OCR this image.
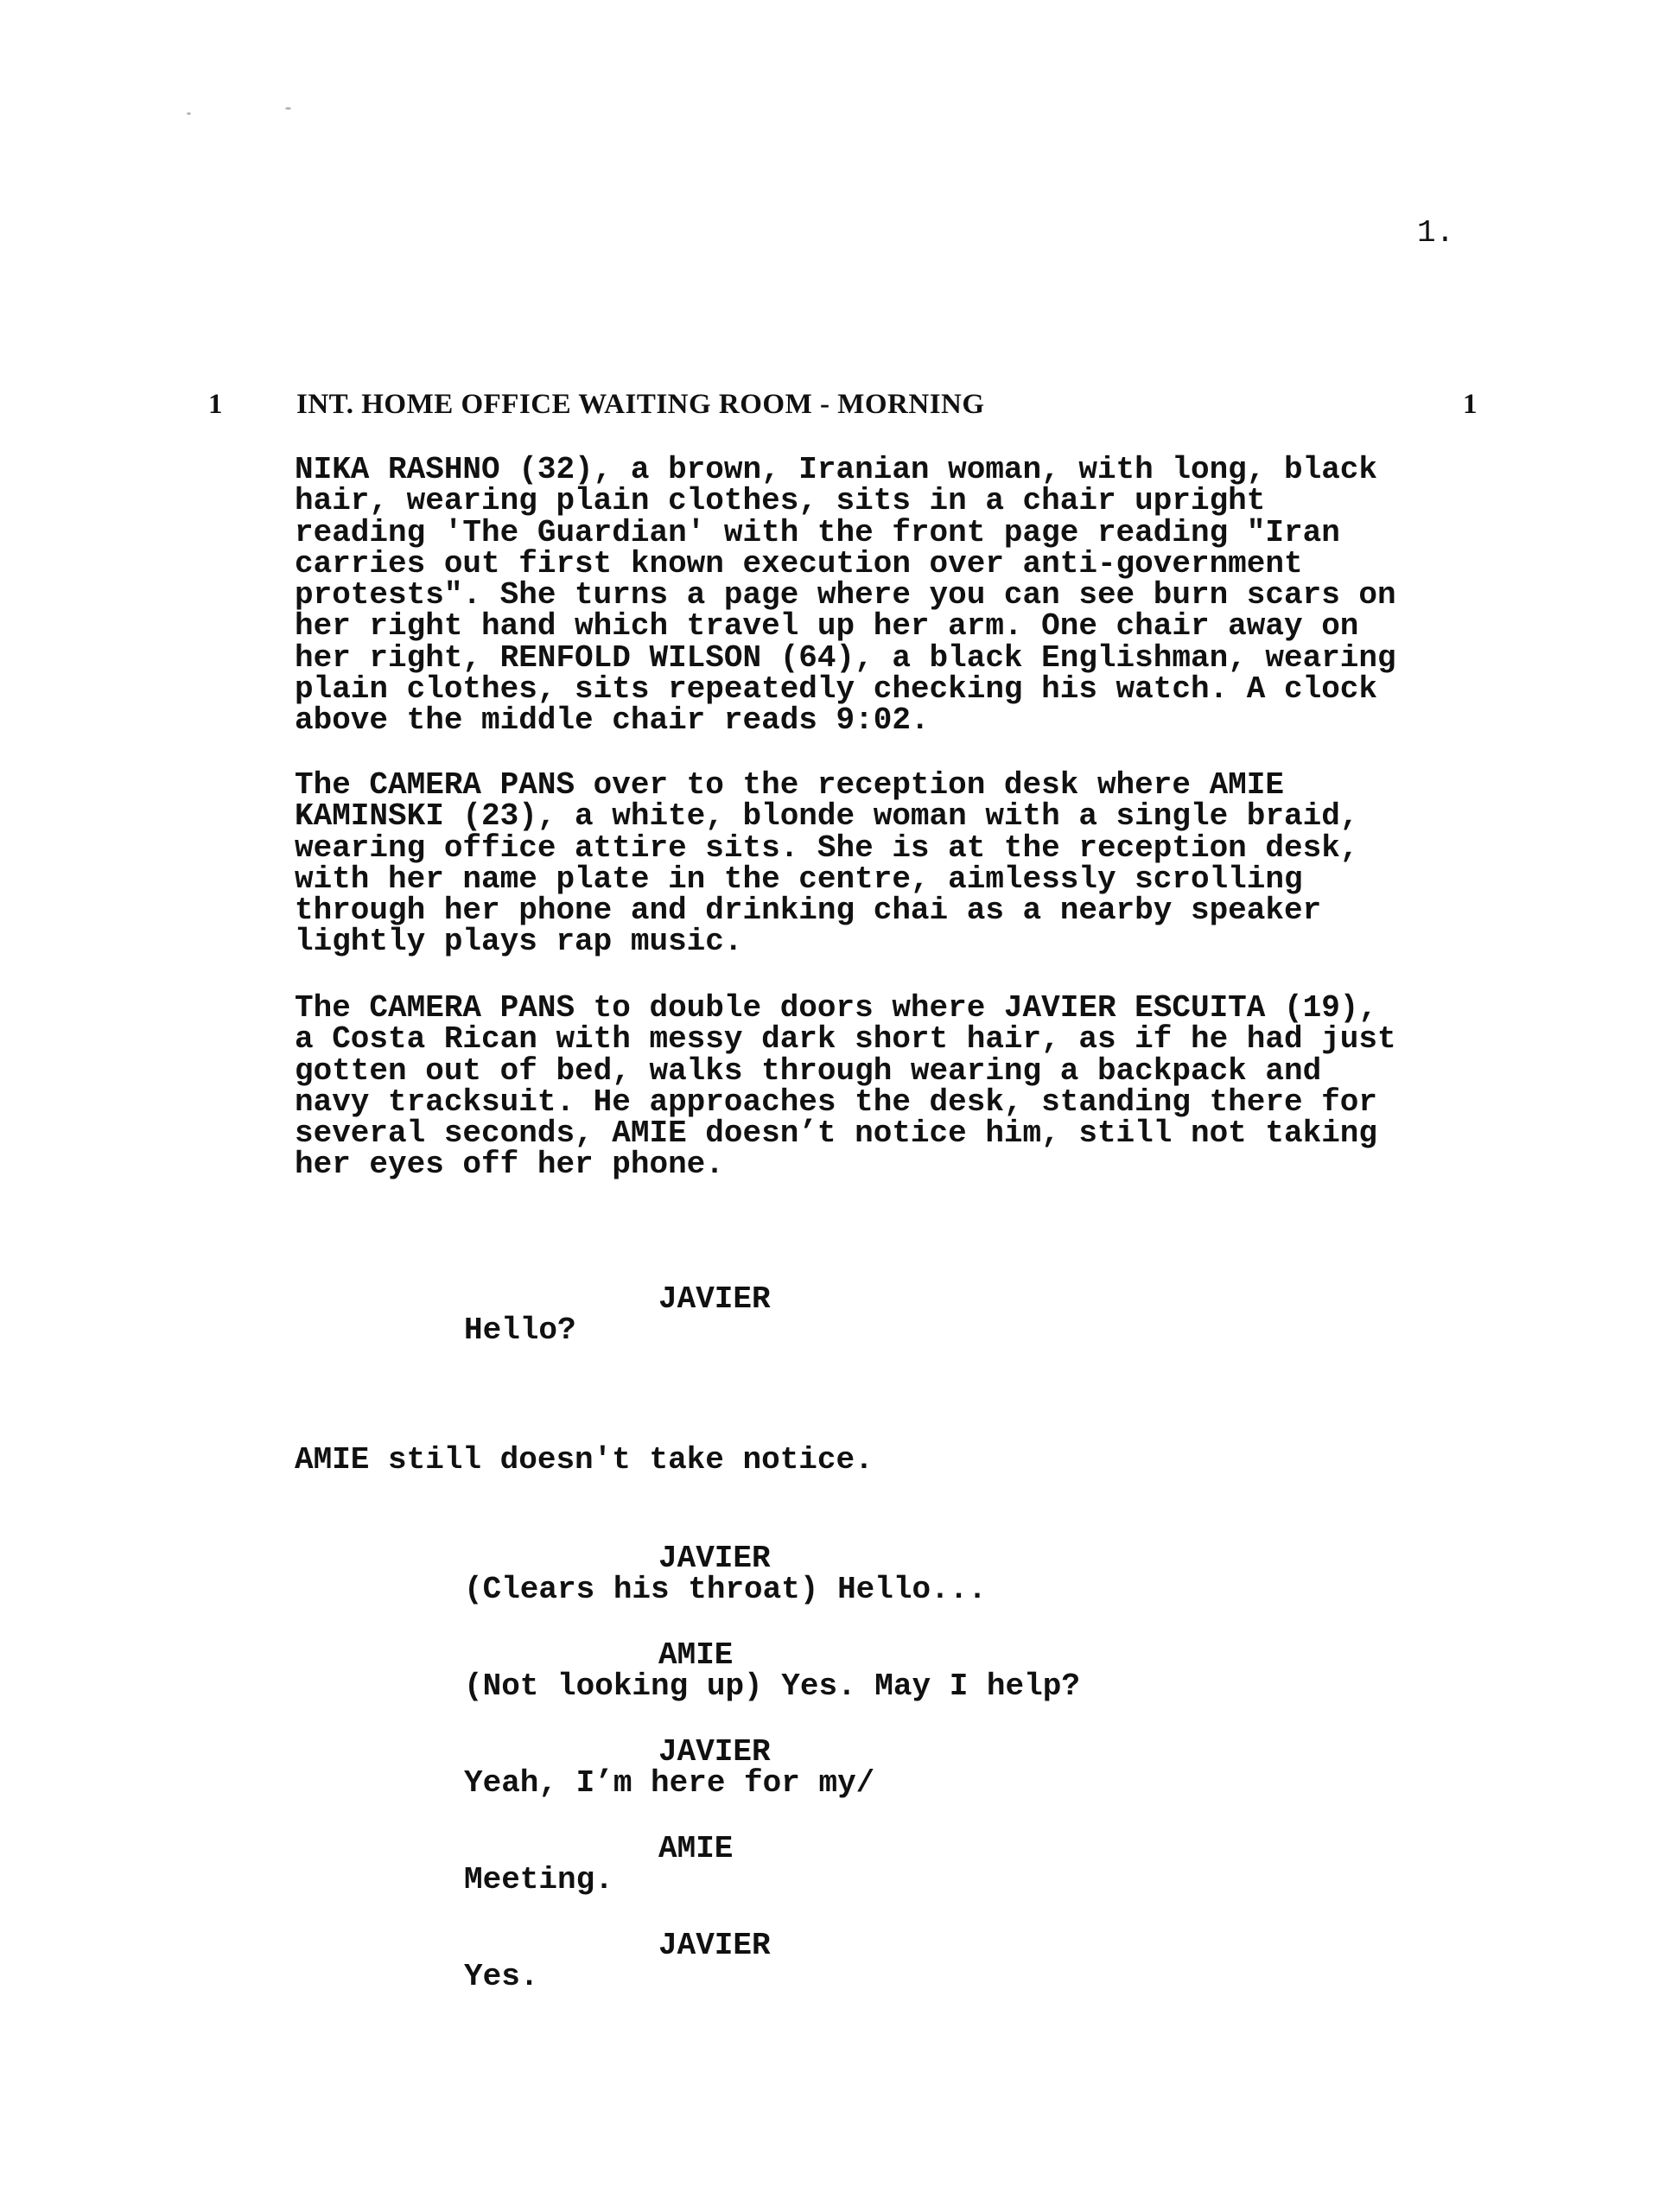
1.
1	INT. HOME OFFICE WAITING ROOM - MORNING	1

NIKA RASHNO (32), a brown, Iranian woman, with long, black
hair, wearing plain clothes, sits in a chair upright
reading 'The Guardian' with the front page reading "Iran
carries out first known execution over anti-government
protests". She turns a page where you can see burn scars on
her right hand which travel up her arm. One chair away on
her right, RENFOLD WILSON (64), a black Englishman, wearing
plain clothes, sits repeatedly checking his watch. A clock
above the middle chair reads 9:02.

The CAMERA PANS over to the reception desk where AMIE
KAMINSKI (23), a white, blonde woman with a single braid,
wearing office attire sits. She is at the reception desk,
with her name plate in the centre, aimlessly scrolling
through her phone and drinking chai as a nearby speaker
lightly plays rap music.

The CAMERA PANS to double doors where JAVIER ESCUITA (19),
a Costa Rican with messy dark short hair, as if he had just
gotten out of bed, walks through wearing a backpack and
navy tracksuit. He approaches the desk, standing there for
several seconds, AMIE doesn’t notice him, still not taking
her eyes off her phone.

JAVIER
Hello?

AMIE still doesn't take notice.

JAVIER
(Clears his throat) Hello...
AMIE
(Not looking up) Yes. May I help?
JAVIER
Yeah, I’m here for my/
AMIE
Meeting.
JAVIER
Yes.
